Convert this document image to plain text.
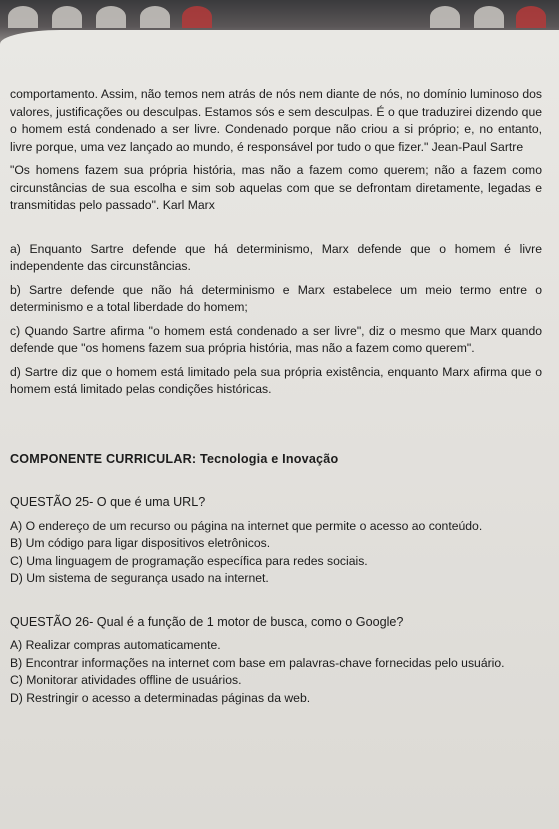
comportamento. Assim, não temos nem atrás de nós nem diante de nós, no domínio luminoso dos valores, justificações ou desculpas. Estamos sós e sem desculpas. É o que traduzirei dizendo que o homem está condenado a ser livre. Condenado porque não criou a si próprio; e, no entanto, livre porque, uma vez lançado ao mundo, é responsável por tudo o que fizer." Jean-Paul Sartre

"Os homens fazem sua própria história, mas não a fazem como querem; não a fazem como circunstâncias de sua escolha e sim sob aquelas com que se defrontam diretamente, legadas e transmitidas pelo passado". Karl Marx

a) Enquanto Sartre defende que há determinismo, Marx defende que o homem é livre independente das circunstâncias.

b) Sartre defende que não há determinismo e Marx estabelece um meio termo entre o determinismo e a total liberdade do homem;

c) Quando Sartre afirma "o homem está condenado a ser livre", diz o mesmo que Marx quando defende que "os homens fazem sua própria história, mas não a fazem como querem".

d) Sartre diz que o homem está limitado pela sua própria existência, enquanto Marx afirma que o homem está limitado pelas condições históricas.

COMPONENTE CURRICULAR: Tecnologia e Inovação

QUESTÃO 25- O que é uma URL?

A) O endereço de um recurso ou página na internet que permite o acesso ao conteúdo.

B) Um código para ligar dispositivos eletrônicos.

C) Uma linguagem de programação específica para redes sociais.

D) Um sistema de segurança usado na internet.

QUESTÃO 26- Qual é a função de 1 motor de busca, como o Google?

A) Realizar compras automaticamente.

B) Encontrar informações na internet com base em palavras-chave fornecidas pelo usuário.

C) Monitorar atividades offline de usuários.

D) Restringir o acesso a determinadas páginas da web.
